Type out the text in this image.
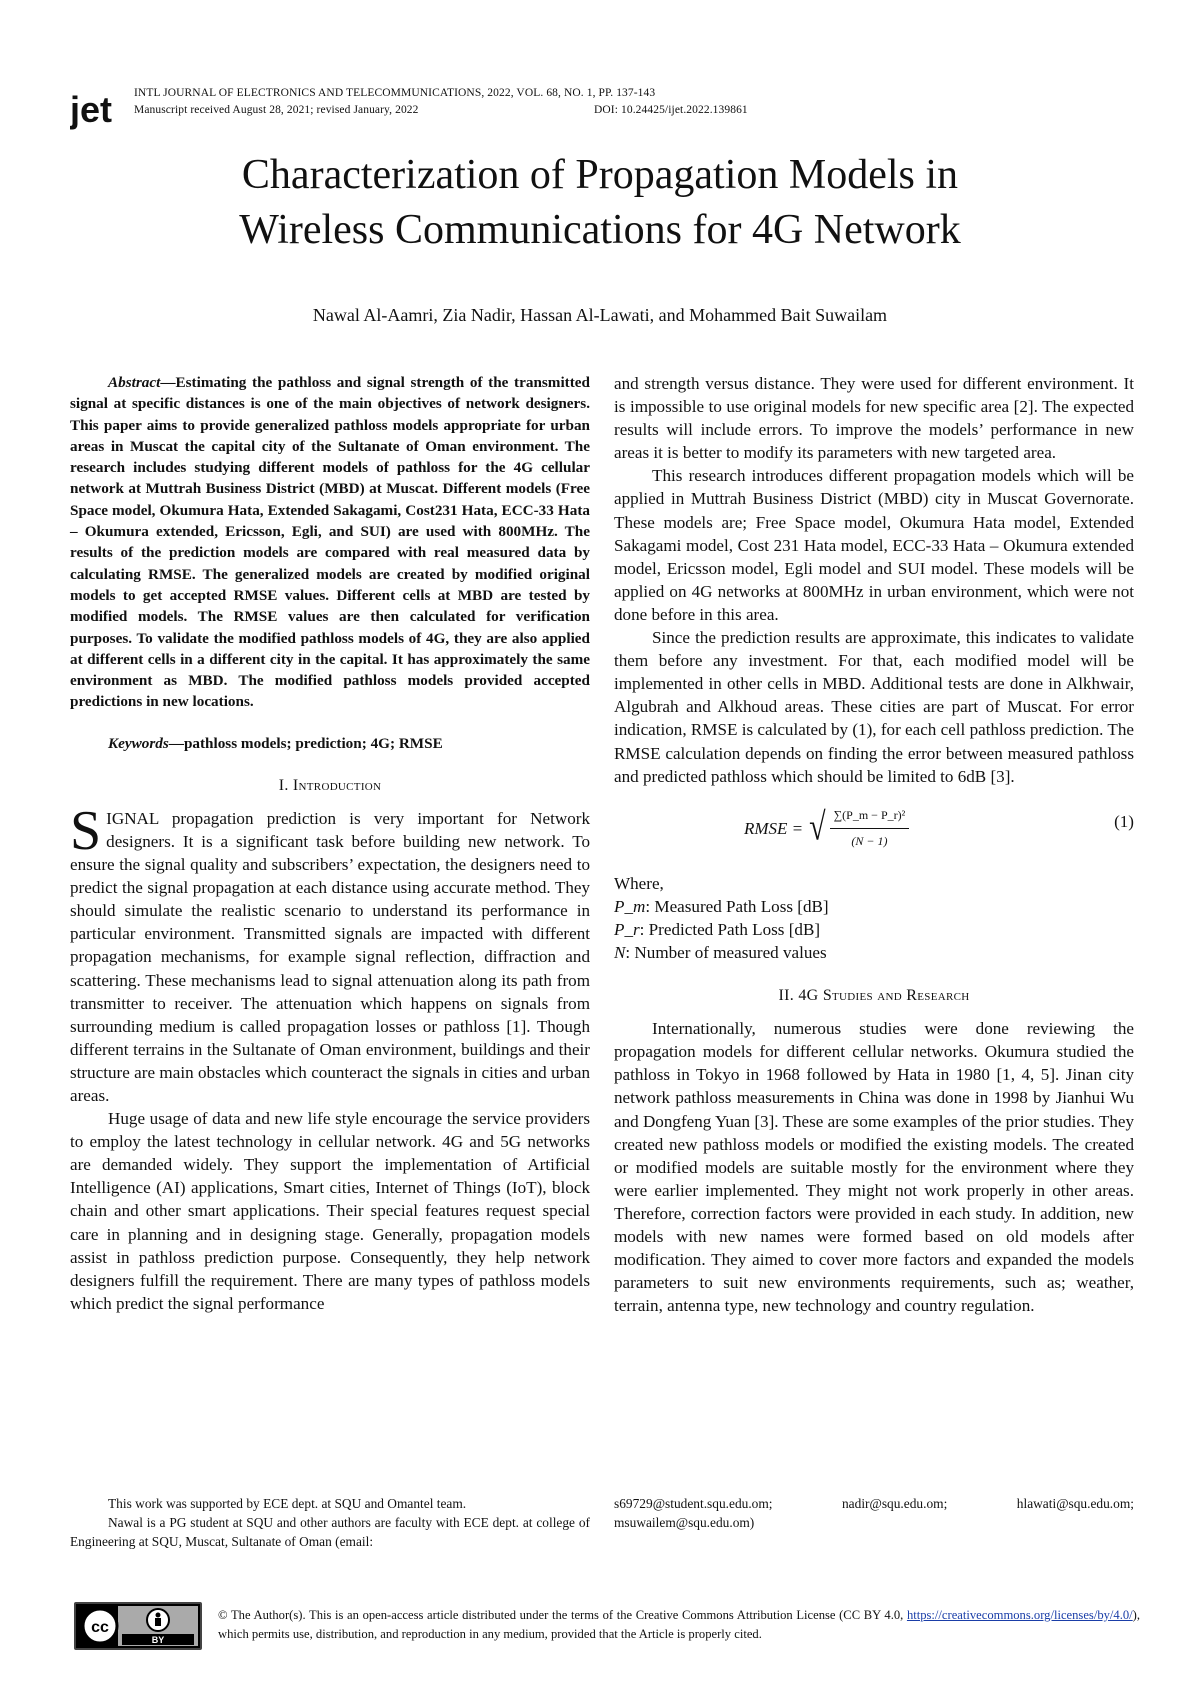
jet INTL JOURNAL OF ELECTRONICS AND TELECOMMUNICATIONS, 2022, VOL. 68, NO. 1, PP. 137-143
Manuscript received August 28, 2021; revised January, 2022	DOI: 10.24425/ijet.2022.139861
Characterization of Propagation Models in
Wireless Communications for 4G Network
Nawal Al-Aamri, Zia Nadir, Hassan Al-Lawati, and Mohammed Bait Suwailam

Abstract—Estimating the pathloss and signal strength of the transmitted signal at specific distances is one of the main objectives of network designers. This paper aims to provide generalized pathloss models appropriate for urban areas in Muscat the capital city of the Sultanate of Oman environment. The research includes studying different models of pathloss for the 4G cellular network at Muttrah Business District (MBD) at Muscat. Different models (Free Space model, Okumura Hata, Extended Sakagami, Cost231 Hata, ECC-33 Hata – Okumura extended, Ericsson, Egli, and SUI) are used with 800MHz. The results of the prediction models are compared with real measured data by calculating RMSE. The generalized models are created by modified original models to get accepted RMSE values. Different cells at MBD are tested by modified models. The RMSE values are then calculated for verification purposes. To validate the modified pathloss models of 4G, they are also applied at different cells in a different city in the capital. It has approximately the same environment as MBD. The modified pathloss models provided accepted predictions in new locations.

Keywords—pathloss models; prediction; 4G; RMSE

I. Introduction

SIGNAL propagation prediction is very important for Network designers. It is a significant task before building new network. To ensure the signal quality and subscribers’ expectation, the designers need to predict the signal propagation at each distance using accurate method. They should simulate the realistic scenario to understand its performance in particular environment. Transmitted signals are impacted with different propagation mechanisms, for example signal reflection, diffraction and scattering. These mechanisms lead to signal attenuation along its path from transmitter to receiver. The attenuation which happens on signals from surrounding medium is called propagation losses or pathloss [1]. Though different terrains in the Sultanate of Oman environment, buildings and their structure are main obstacles which counteract the signals in cities and urban areas.

Huge usage of data and new life style encourage the service providers to employ the latest technology in cellular network. 4G and 5G networks are demanded widely. They support the implementation of Artificial Intelligence (AI) applications, Smart cities, Internet of Things (IoT), block chain and other smart applications. Their special features request special care in planning and in designing stage. Generally, propagation models assist in pathloss prediction purpose. Consequently, they help network designers fulfill the requirement. There are many types of pathloss models which predict the signal performance

and strength versus distance. They were used for different environment. It is impossible to use original models for new specific area [2]. The expected results will include errors. To improve the models’ performance in new areas it is better to modify its parameters with new targeted area.

This research introduces different propagation models which will be applied in Muttrah Business District (MBD) city in Muscat Governorate. These models are; Free Space model, Okumura Hata model, Extended Sakagami model, Cost 231 Hata model, ECC-33 Hata – Okumura extended model, Ericsson model, Egli model and SUI model. These models will be applied on 4G networks at 800MHz in urban environment, which were not done before in this area.

Since the prediction results are approximate, this indicates to validate them before any investment. For that, each modified model will be implemented in other cells in MBD. Additional tests are done in Alkhwair, Algubrah and Alkhoud areas. These cities are part of Muscat. For error indication, RMSE is calculated by (1), for each cell pathloss prediction. The RMSE calculation depends on finding the error between measured pathloss and predicted pathloss which should be limited to 6dB [3].

RMSE = √ $\frac{\text{∑(P\_m − P\_r)²}}{(N - 1)}$	(1)

Where,

P_m: Measured Path Loss [dB]

P_r: Predicted Path Loss [dB]

N: Number of measured values

II. 4G Studies and Research

Internationally, numerous studies were done reviewing the propagation models for different cellular networks. Okumura studied the pathloss in Tokyo in 1968 followed by Hata in 1980 [1, 4, 5]. Jinan city network pathloss measurements in China was done in 1998 by Jianhui Wu and Dongfeng Yuan [3]. These are some examples of the prior studies. They created new pathloss models or modified the existing models. The created or modified models are suitable mostly for the environment where they were earlier implemented. They might not work properly in other areas. Therefore, correction factors were provided in each study. In addition, new models with new names were formed based on old models after modification. They aimed to cover more factors and expanded the models parameters to suit new environments requirements, such as; weather, terrain, antenna type, new technology and country regulation.

This work was supported by ECE dept. at SQU and Omantel team.

Nawal is a PG student at SQU and other authors are faculty with ECE dept. at college of Engineering at SQU, Muscat, Sultanate of Oman (email:

s69729@student.squ.edu.om; nadir@squ.edu.om; hlawati@squ.edu.om; msuwailem@squ.edu.om)
cc
BY
© The Author(s). This is an open-access article distributed under the terms of the Creative Commons Attribution License (CC BY 4.0, https://creativecommons.org/licenses/by/4.0/), which permits use, distribution, and reproduction in any medium, provided that the Article is properly cited.
